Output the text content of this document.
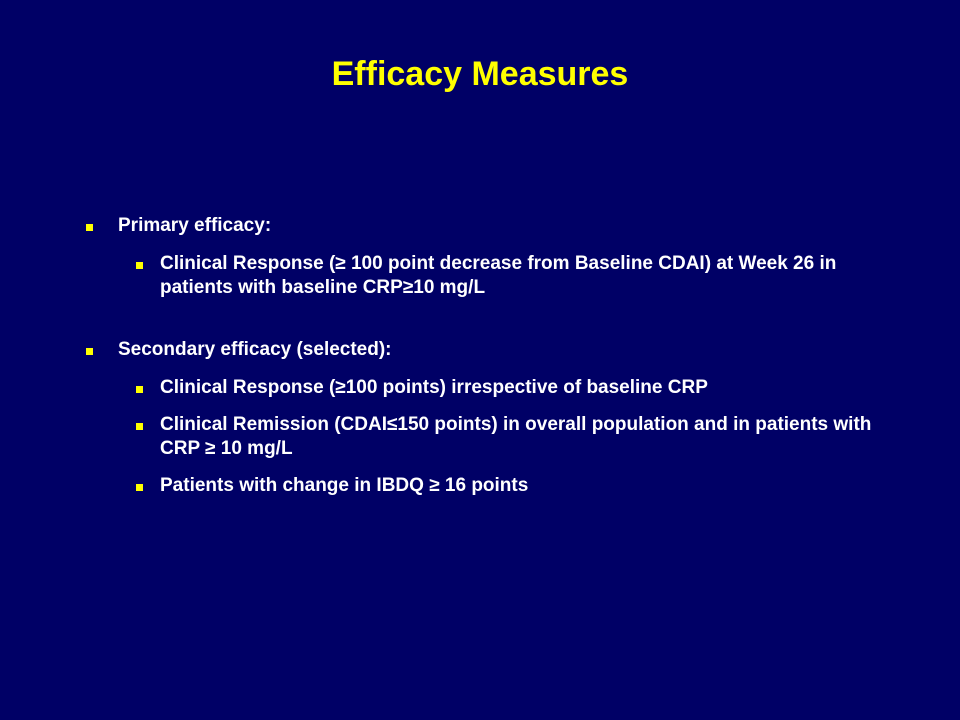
Efficacy Measures
Primary efficacy:
Clinical Response (≥ 100 point decrease from Baseline CDAI) at Week 26 in patients with baseline CRP≥10 mg/L
Secondary efficacy (selected):
Clinical Response (≥100 points) irrespective of baseline CRP
Clinical Remission (CDAI≤150 points) in overall population and in patients with CRP ≥ 10 mg/L
Patients with change in IBDQ ≥ 16 points
